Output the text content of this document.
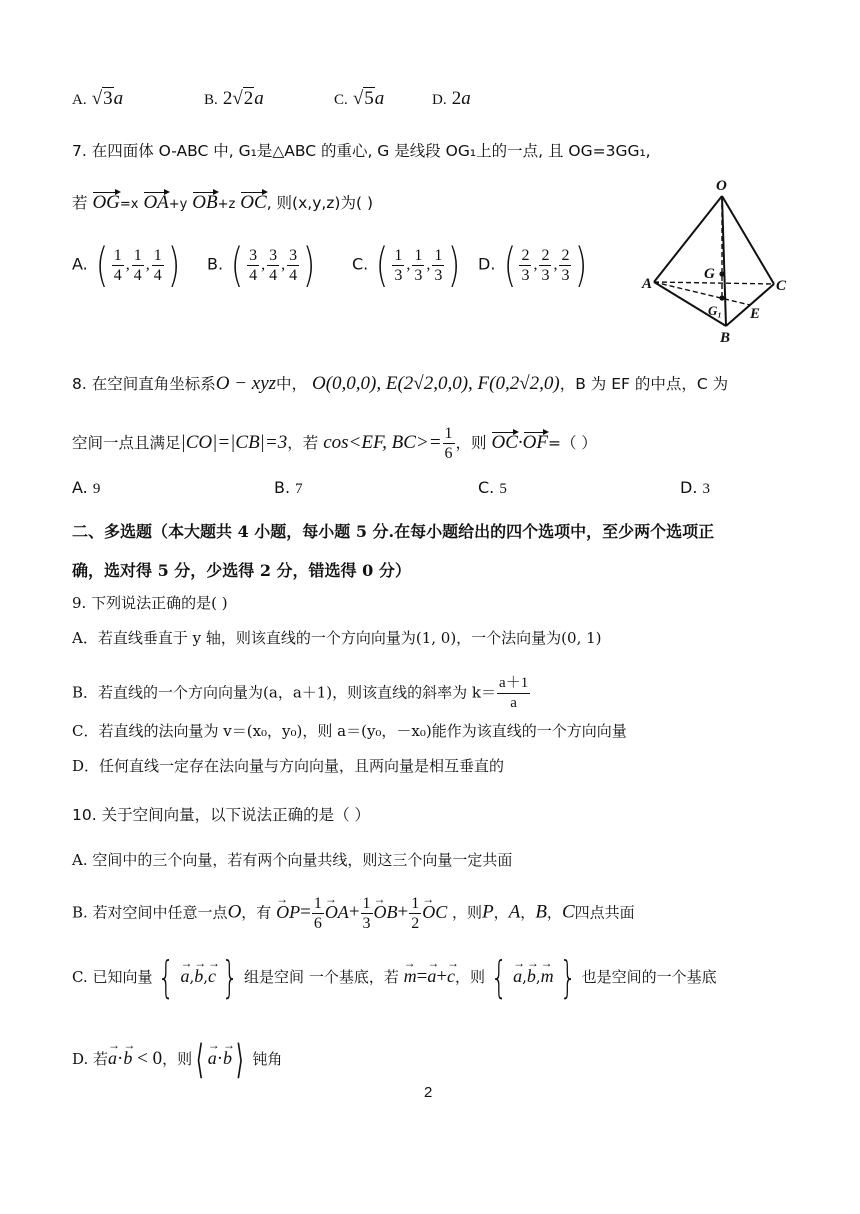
A. √3a	B. 2√2a	C. √5a	D. 2a
7. 在四面体 O-ABC 中, G₁是△ABC 的重心, G 是线段 OG₁上的一点, 且 OG=3GG₁,
若 OG=x OA+y OB+z OC, 则(x,y,z)为( )
A. ( $\frac{1}{4}$ , $\frac{1}{4}$ , $\frac{1}{4}$ ) B. ( $\frac{3}{4}$ , $\frac{3}{4}$ , $\frac{3}{4}$ ) C. ( $\frac{1}{3}$ , $\frac{1}{3}$ , $\frac{1}{3}$ ) D. ( $\frac{2}{3}$ , $\frac{2}{3}$ , $\frac{2}{3}$ )
O
A	C
B
G
G₁ E
8. 在空间直角坐标系O − xyz中， O(0,0,0), E(2√2,0,0), F(0,2√2,0)，B 为 EF 的中点，C 为
空间一点且满足|CO|=|CB|=3，若 cos<EF, $BC>= \frac{1}{6}$ ，则 OC·OF=（ ）
A. 9	B. 7	C. 5	D. 3
二、多选题（本大题共 4 小题，每小题 5 分.在每小题给出的四个选项中，至少两个选项正
确，选对得 5 分，少选得 2 分，错选得 0 分）
9. 下列说法正确的是( )
A．若直线垂直于 y 轴，则该直线的一个方向向量为(1, 0)，一个法向量为(0, 1)
B．若直线的一个方向向量为(a，a＋1)，则该直线的斜率为 $k= \frac{a+1}{a}$
C．若直线的法向量为 v＝(x₀，y₀)，则 a＝(y₀，－x₀)能作为该直线的一个方向向量
D．任何直线一定存在法向量与方向向量，且两向量是相互垂直的
10. 关于空间向量，以下说法正确的是（ ）
A. 空间中的三个向量，若有两个向量共线，则这三个向量一定共面
B. 若对空间中任意一点O，有 → $OP= \frac{1}{6}$
→ $OA+ \frac{1}{3}$
→ $OB+ \frac{1}{2}$
→ OC ，则P，A，B，C四点共面
C. 已知向量 {→ a,→ b,→ c } 组是空间 一个基底，若 → m=→ a+→ c，则 {→ a,→ b,→ m } 也是空间的一个基底
D. 若→ a·→ b < 0，则⟨→ a·→ b⟩ 钝角
2
